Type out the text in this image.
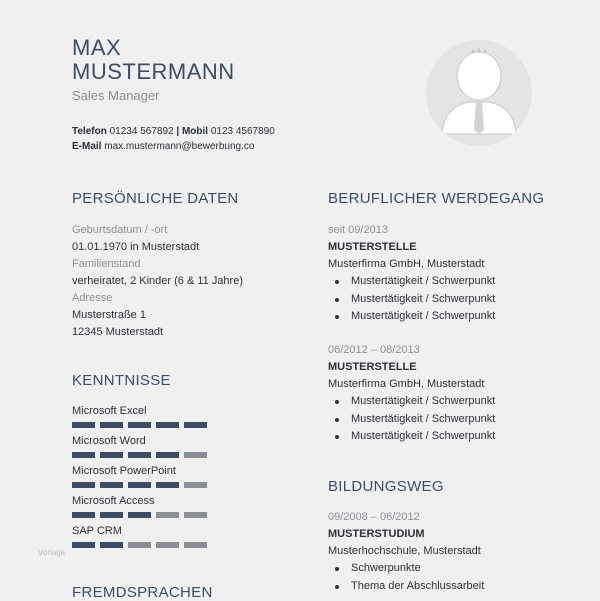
MAX
MUSTERMANN
Sales Manager
Telefon 01234 567892 | Mobil 0123 4567890
E-Mail max.mustermann@bewerbung.co
PERSÖNLICHE DATEN	BERUFLICHER WERDEGANG
KENNTNISSE
BILDUNGSWEG
FREMDSPRACHEN
Geburtsdatum / -ort
01.01.1970 in Musterstadt
Familienstand
verheiratet, 2 Kinder (6 & 11 Jahre)
Adresse
Musterstraße 1
12345 Musterstadt
Microsoft Excel
Microsoft Word
Microsoft PowerPoint
Microsoft Access
SAP CRM
seit 09/2013
MUSTERSTELLE
Musterfirma GmbH, Musterstadt
Mustertätigkeit / Schwerpunkt
Mustertätigkeit / Schwerpunkt
Mustertätigkeit / Schwerpunkt
06/2012 – 08/2013
MUSTERSTELLE
Musterfirma GmbH, Musterstadt
Mustertätigkeit / Schwerpunkt
Mustertätigkeit / Schwerpunkt
Mustertätigkeit / Schwerpunkt
09/2008 – 06/2012
MUSTERSTUDIUM
Musterhochschule, Musterstadt
Schwerpunkte
Thema der Abschlussarbeit
Vorlage
